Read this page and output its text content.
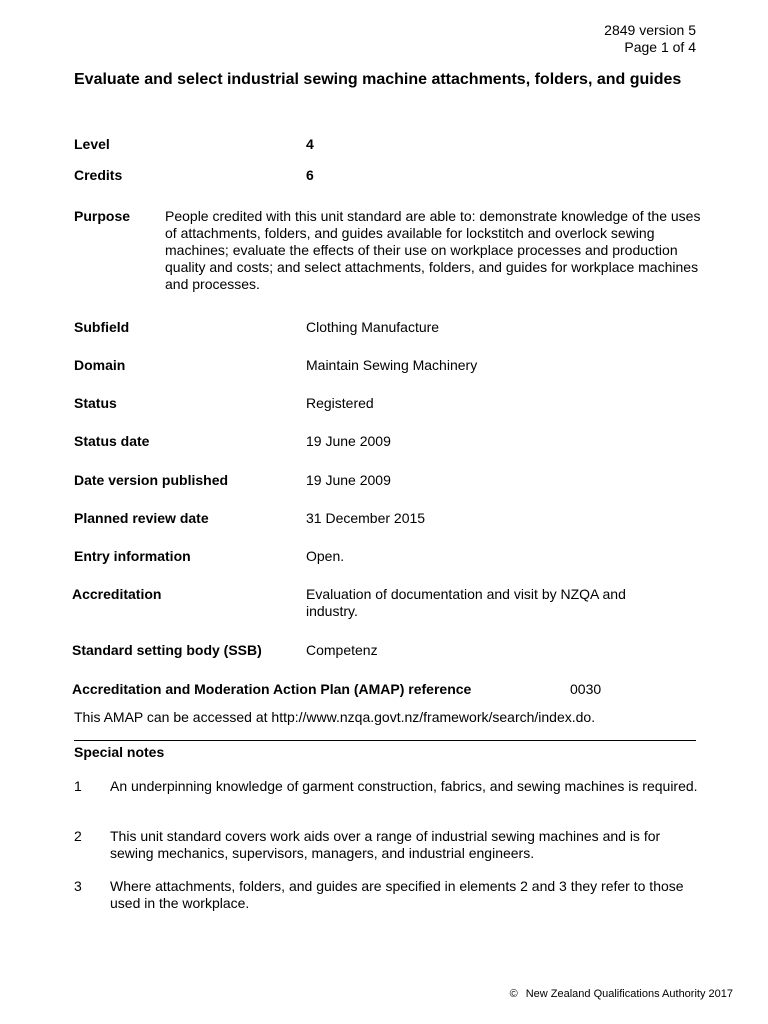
2849 version 5
Page 1 of 4
Evaluate and select industrial sewing machine attachments, folders, and guides
Level	4
Credits	6
Purpose People credited with this unit standard are able to: demonstrate knowledge of the uses of attachments, folders, and guides available for lockstitch and overlock sewing machines; evaluate the effects of their use on workplace processes and production quality and costs; and select attachments, folders, and guides for workplace machines and processes.
Subfield	Clothing Manufacture
Domain	Maintain Sewing Machinery
Status	Registered
Status date	19 June 2009
Date version published	19 June 2009
Planned review date	31 December 2015
Entry information	Open.
Accreditation	Evaluation of documentation and visit by NZQA and industry.
Standard setting body (SSB)	Competenz
Accreditation and Moderation Action Plan (AMAP) reference	0030
This AMAP can be accessed at http://www.nzqa.govt.nz/framework/search/index.do.
Special notes
1	An underpinning knowledge of garment construction, fabrics, and sewing machines is required.
2	This unit standard covers work aids over a range of industrial sewing machines and is for sewing mechanics, supervisors, managers, and industrial engineers.
3	Where attachments, folders, and guides are specified in elements 2 and 3 they refer to those used in the workplace.
© New Zealand Qualifications Authority 2017
